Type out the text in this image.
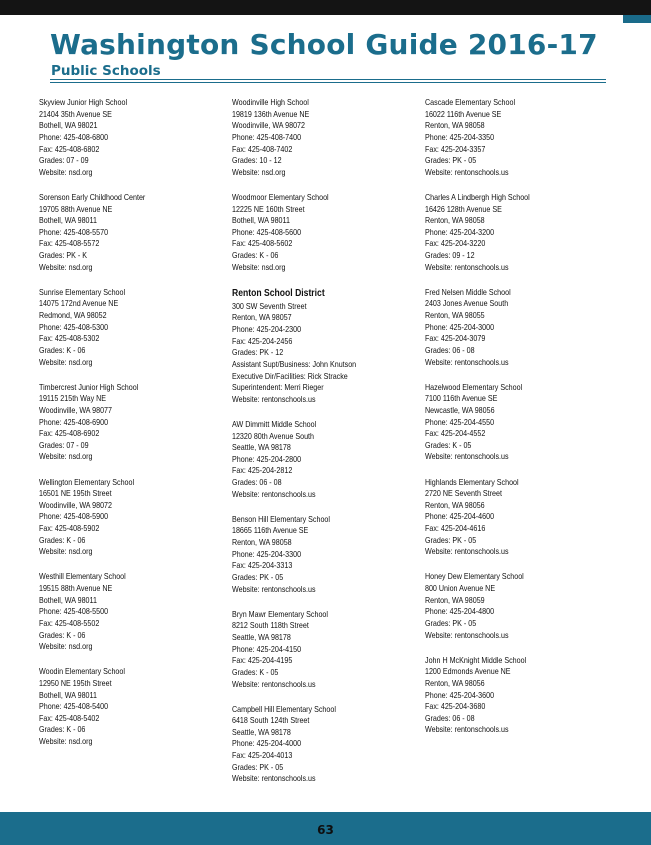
Washington School Guide 2016-17
Public Schools
Skyview Junior High School
21404 35th Avenue SE
Bothell, WA 98021
Phone: 425-408-6800
Fax: 425-408-6802
Grades: 07 - 09
Website: nsd.org
Sorenson Early Childhood Center
19705 88th Avenue NE
Bothell, WA 98011
Phone: 425-408-5570
Fax: 425-408-5572
Grades: PK - K
Website: nsd.org
Sunrise Elementary School
14075 172nd Avenue NE
Redmond, WA 98052
Phone: 425-408-5300
Fax: 425-408-5302
Grades: K - 06
Website: nsd.org
Timbercrest Junior High School
19115 215th Way NE
Woodinville, WA 98077
Phone: 425-408-6900
Fax: 425-408-6902
Grades: 07 - 09
Website: nsd.org
Wellington Elementary School
16501 NE 195th Street
Woodinville, WA 98072
Phone: 425-408-5900
Fax: 425-408-5902
Grades: K - 06
Website: nsd.org
Westhill Elementary School
19515 88th Avenue NE
Bothell, WA 98011
Phone: 425-408-5500
Fax: 425-408-5502
Grades: K - 06
Website: nsd.org
Woodin Elementary School
12950 NE 195th Street
Bothell, WA 98011
Phone: 425-408-5400
Fax: 425-408-5402
Grades: K - 06
Website: nsd.org
Woodinville High School
19819 136th Avenue NE
Woodinville, WA 98072
Phone: 425-408-7400
Fax: 425-408-7402
Grades: 10 - 12
Website: nsd.org
Woodmoor Elementary School
12225 NE 160th Street
Bothell, WA 98011
Phone: 425-408-5600
Fax: 425-408-5602
Grades: K - 06
Website: nsd.org
Renton School District
300 SW Seventh Street
Renton, WA 98057
Phone: 425-204-2300
Fax: 425-204-2456
Grades: PK - 12
Assistant Supt/Business: John Knutson
Executive Dir/Facilities: Rick Stracke
Superintendent: Merri Rieger
Website: rentonschools.us
AW Dimmitt Middle School
12320 80th Avenue South
Seattle, WA 98178
Phone: 425-204-2800
Fax: 425-204-2812
Grades: 06 - 08
Website: rentonschools.us
Benson Hill Elementary School
18665 116th Avenue SE
Renton, WA 98058
Phone: 425-204-3300
Fax: 425-204-3313
Grades: PK - 05
Website: rentonschools.us
Bryn Mawr Elementary School
8212 South 118th Street
Seattle, WA 98178
Phone: 425-204-4150
Fax: 425-204-4195
Grades: K - 05
Website: rentonschools.us
Campbell Hill Elementary School
6418 South 124th Street
Seattle, WA 98178
Phone: 425-204-4000
Fax: 425-204-4013
Grades: PK - 05
Website: rentonschools.us
Cascade Elementary School
16022 116th Avenue SE
Renton, WA 98058
Phone: 425-204-3350
Fax: 425-204-3357
Grades: PK - 05
Website: rentonschools.us
Charles A Lindbergh High School
16426 128th Avenue SE
Renton, WA 98058
Phone: 425-204-3200
Fax: 425-204-3220
Grades: 09 - 12
Website: rentonschools.us
Fred Nelsen Middle School
2403 Jones Avenue South
Renton, WA 98055
Phone: 425-204-3000
Fax: 425-204-3079
Grades: 06 - 08
Website: rentonschools.us
Hazelwood Elementary School
7100 116th Avenue SE
Newcastle, WA 98056
Phone: 425-204-4550
Fax: 425-204-4552
Grades: K - 05
Website: rentonschools.us
Highlands Elementary School
2720 NE Seventh Street
Renton, WA 98056
Phone: 425-204-4600
Fax: 425-204-4616
Grades: PK - 05
Website: rentonschools.us
Honey Dew Elementary School
800 Union Avenue NE
Renton, WA 98059
Phone: 425-204-4800
Grades: PK - 05
Website: rentonschools.us
John H McKnight Middle School
1200 Edmonds Avenue NE
Renton, WA 98056
Phone: 425-204-3600
Fax: 425-204-3680
Grades: 06 - 08
Website: rentonschools.us
63
